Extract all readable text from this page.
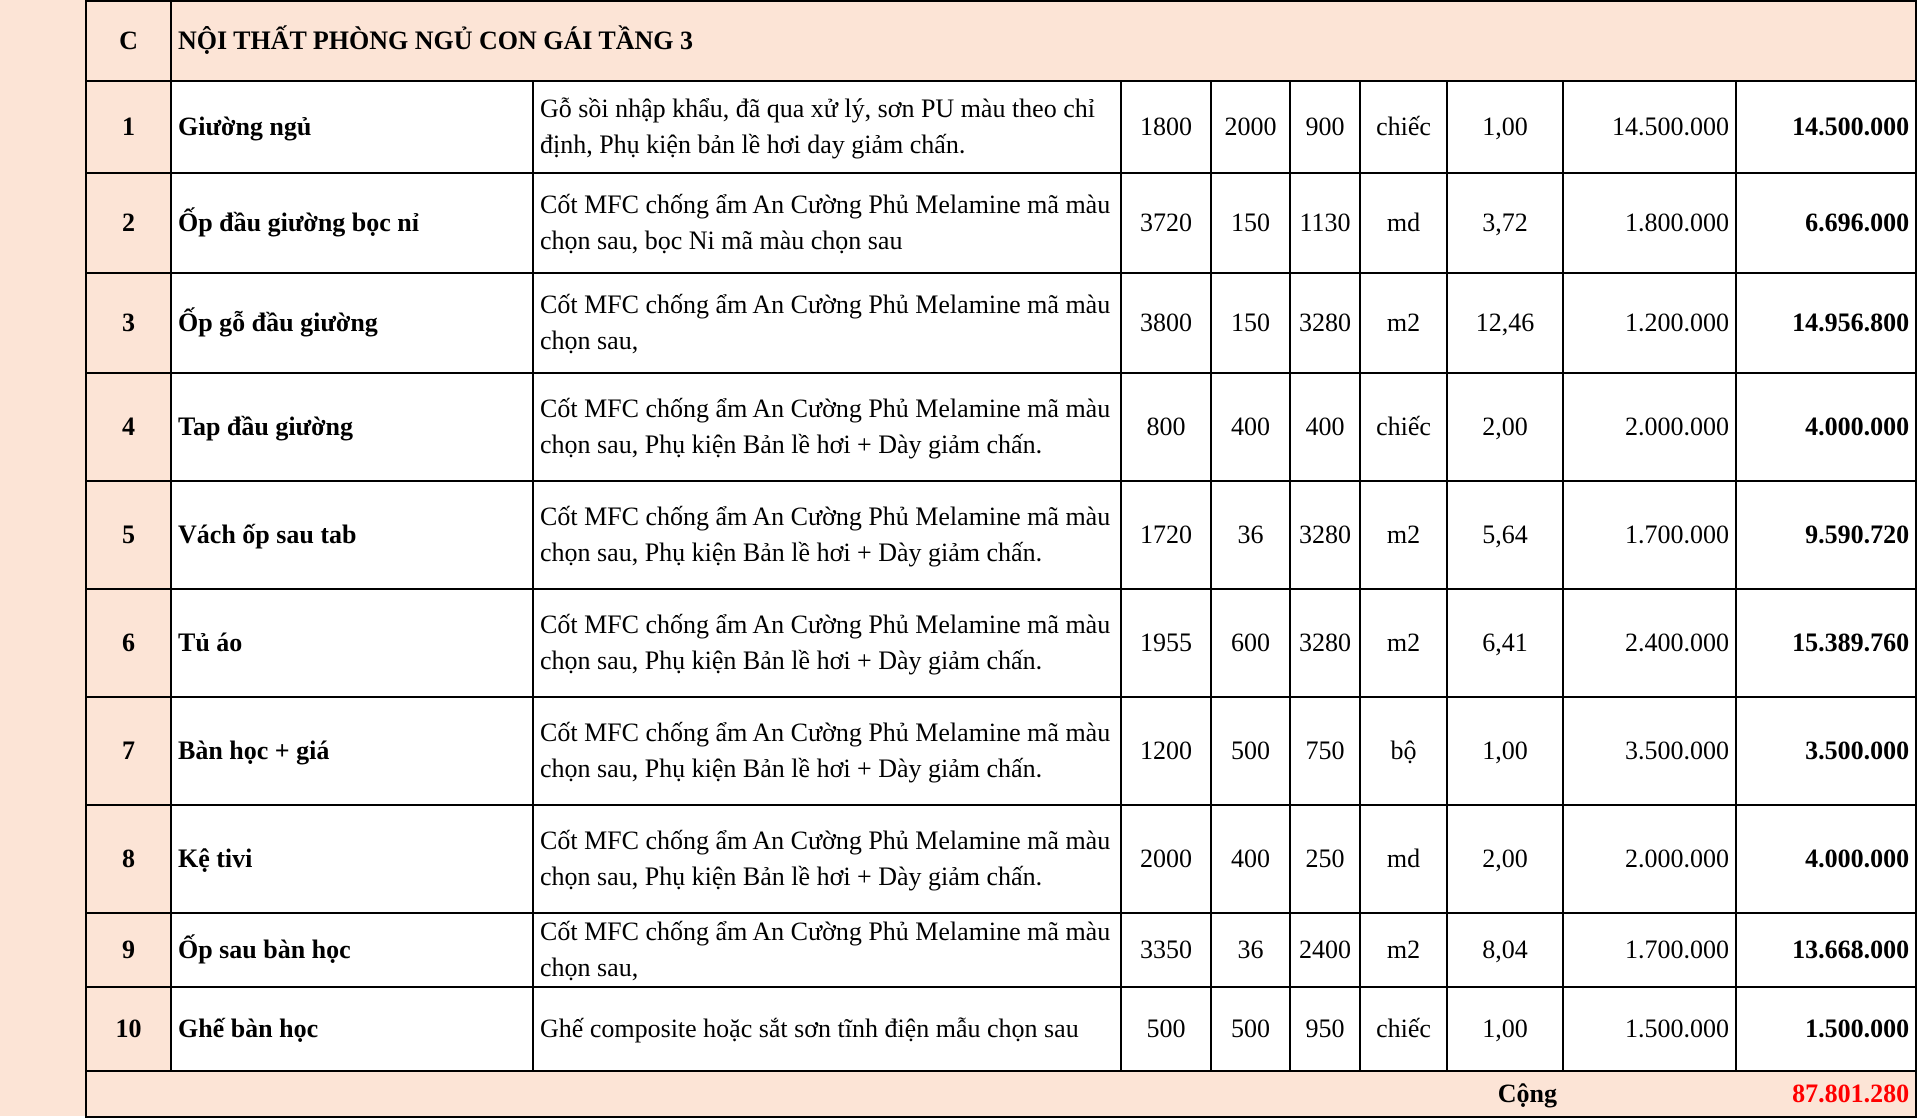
C	NỘI THẤT PHÒNG NGỦ CON GÁI TẦNG 3								
1	Giường ngủ	Gỗ sồi nhập khẩu, đã qua xử lý, sơn PU màu theo chỉ định, Phụ kiện bản lề hơi day giảm chấn.	1800	2000	900	chiếc	1,00	14.500.000	14.500.000
2	Ốp đầu giường bọc nỉ	Cốt MFC chống ẩm An Cường Phủ Melamine mã màu chọn sau, bọc Ni mã màu chọn sau	3720	150	1130	md	3,72	1.800.000	6.696.000
3	Ốp gỗ đầu giường	Cốt MFC chống ẩm An Cường Phủ Melamine mã màu chọn sau,	3800	150	3280	m2	12,46	1.200.000	14.956.800
4	Tap đầu giường	Cốt MFC chống ẩm An Cường Phủ Melamine mã màu chọn sau, Phụ kiện Bản lề hơi + Dày giảm chấn.	800	400	400	chiếc	2,00	2.000.000	4.000.000
5	Vách ốp sau tab	Cốt MFC chống ẩm An Cường Phủ Melamine mã màu chọn sau, Phụ kiện Bản lề hơi + Dày giảm chấn.	1720	36	3280	m2	5,64	1.700.000	9.590.720
6	Tủ áo	Cốt MFC chống ẩm An Cường Phủ Melamine mã màu chọn sau, Phụ kiện Bản lề hơi + Dày giảm chấn.	1955	600	3280	m2	6,41	2.400.000	15.389.760
7	Bàn học + giá	Cốt MFC chống ẩm An Cường Phủ Melamine mã màu chọn sau, Phụ kiện Bản lề hơi + Dày giảm chấn.	1200	500	750	bộ	1,00	3.500.000	3.500.000
8	Kệ tivi	Cốt MFC chống ẩm An Cường Phủ Melamine mã màu chọn sau, Phụ kiện Bản lề hơi + Dày giảm chấn.	2000	400	250	md	2,00	2.000.000	4.000.000
9	Ốp sau bàn học	Cốt MFC chống ẩm An Cường Phủ Melamine mã màu chọn sau,	3350	36	2400	m2	8,04	1.700.000	13.668.000
10	Ghế bàn học	Ghế composite hoặc sắt sơn tĩnh điện mẫu chọn sau	500	500	950	chiếc	1,00	1.500.000	1.500.000
Cộng								87.801.280	
